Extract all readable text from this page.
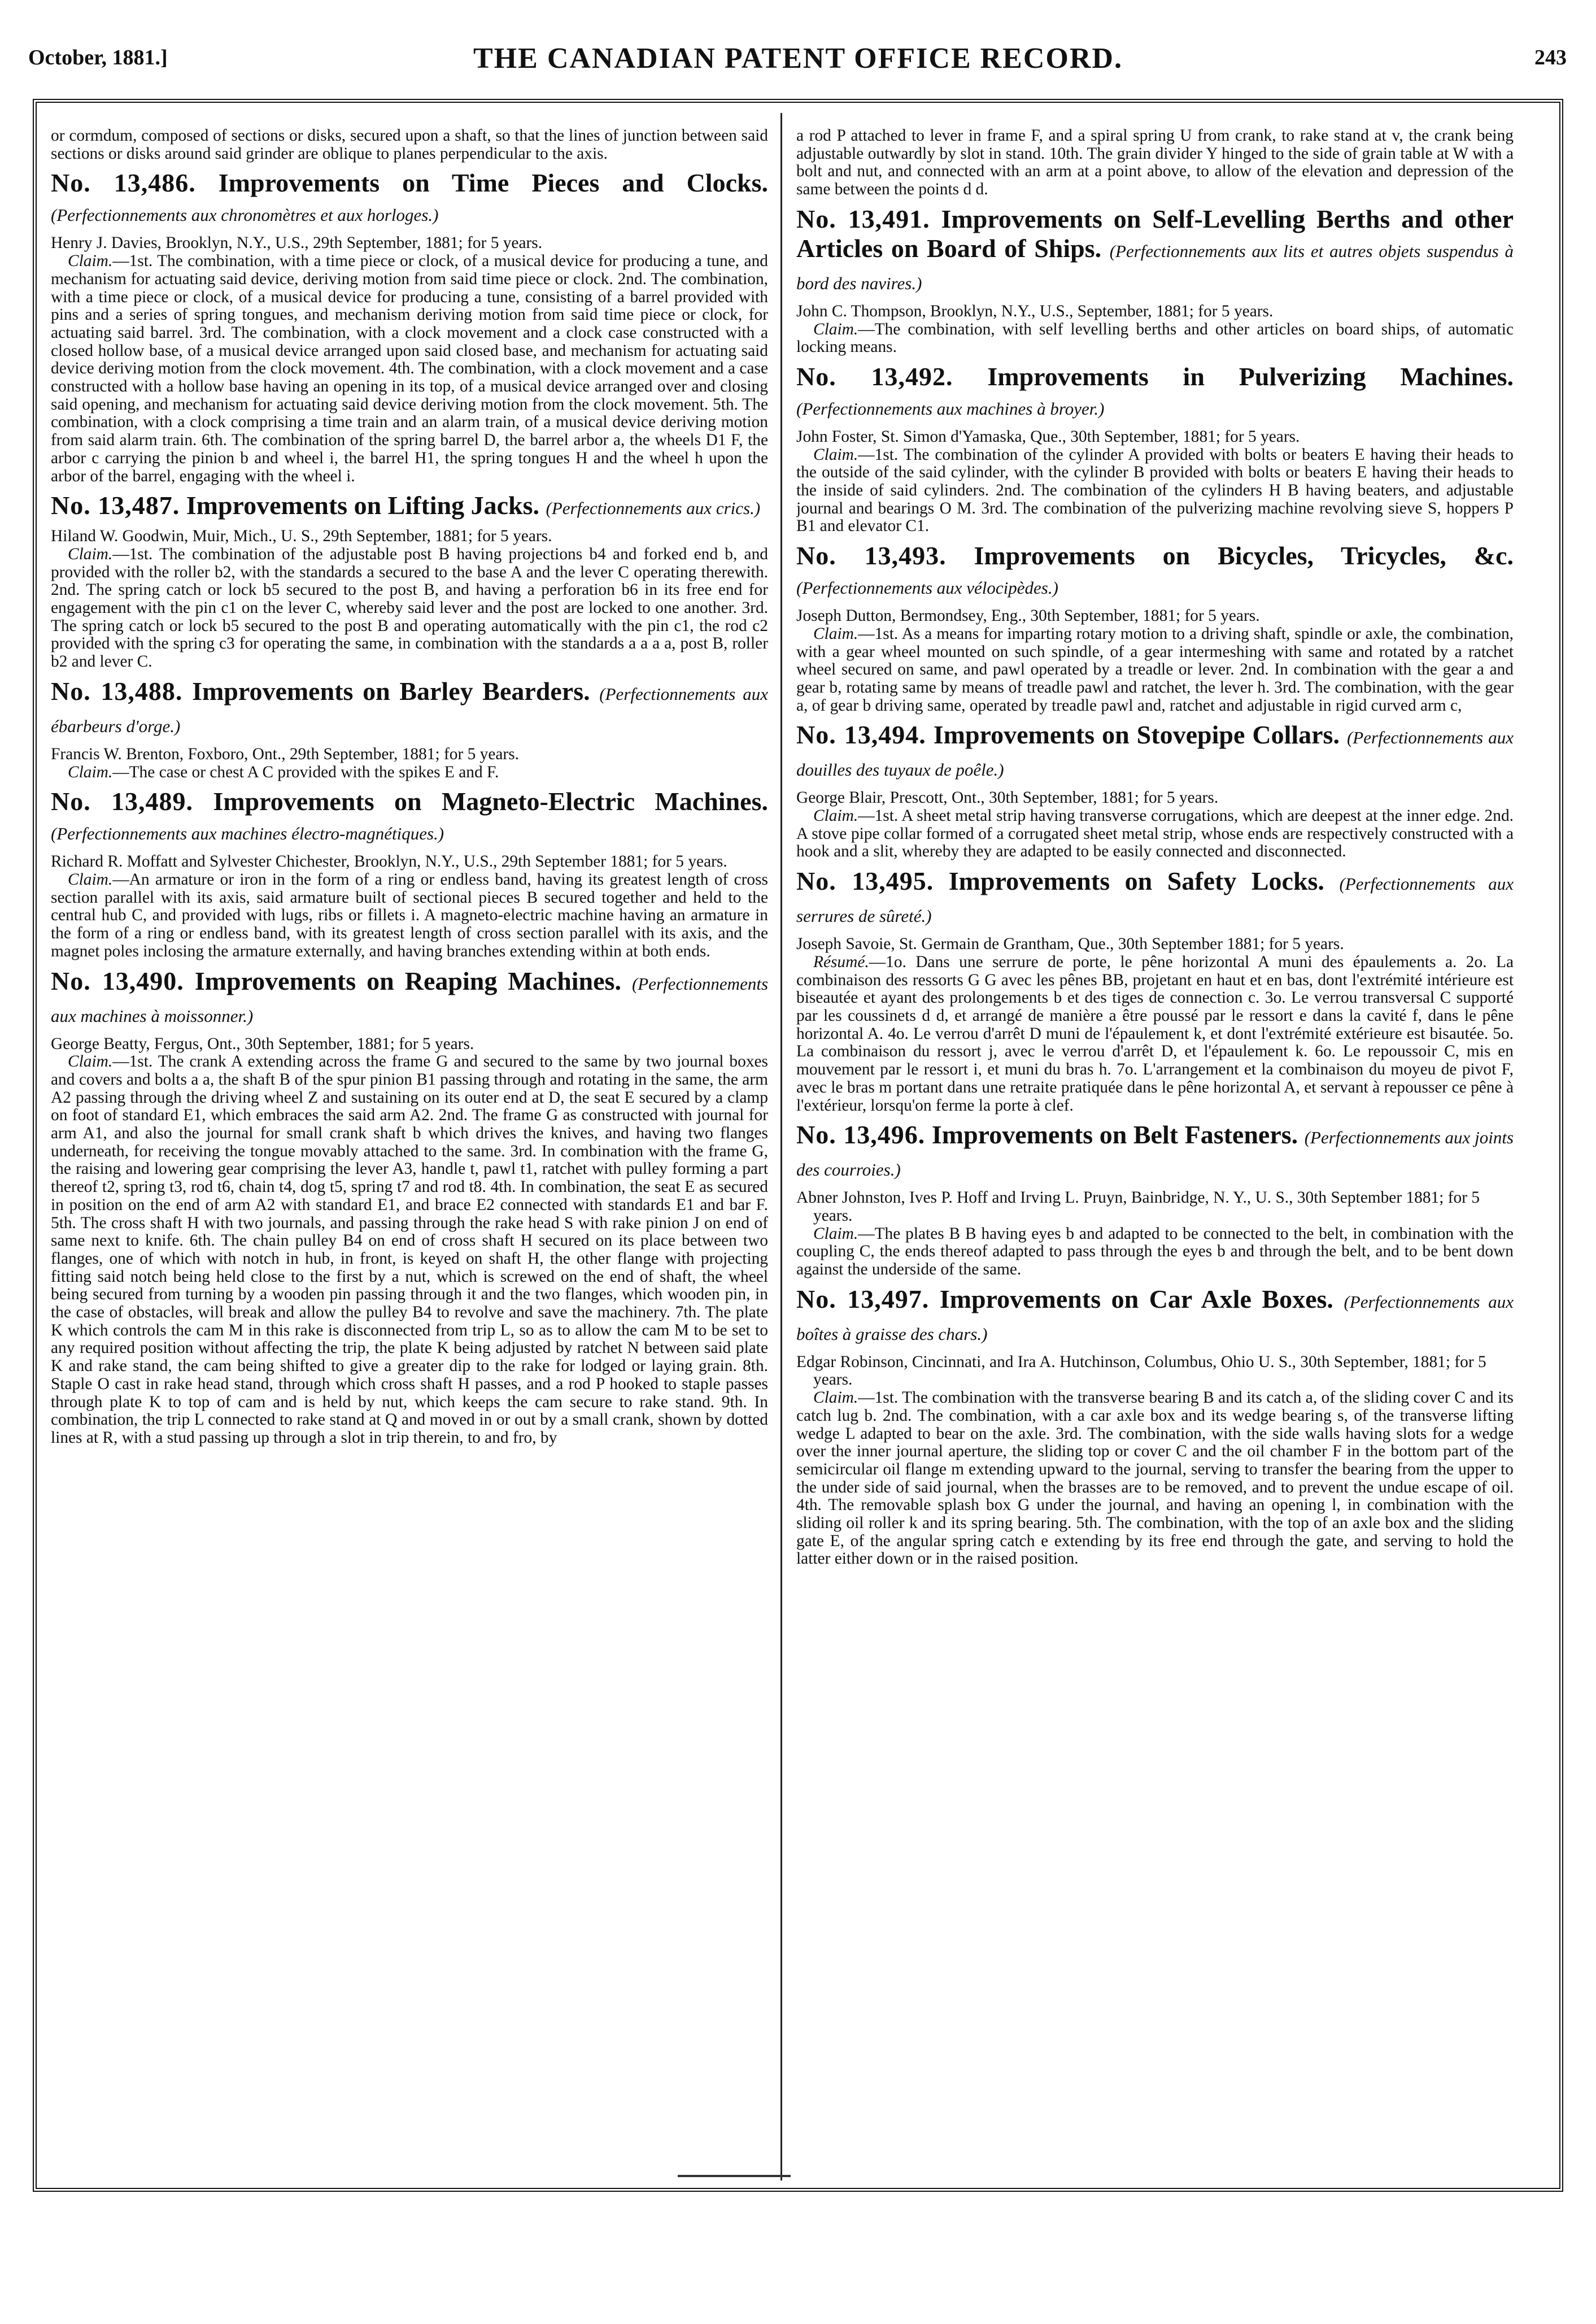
October, 1881.]	THE CANADIAN PATENT OFFICE RECORD.	243

or cormdum, composed of sections or disks, secured upon a shaft, so that the lines of junction between said sections or disks around said grinder are oblique to planes perpendicular to the axis.

No. 13,486. Improvements on Time Pieces and Clocks. (Perfectionnements aux chronomètres et aux horloges.)

Henry J. Davies, Brooklyn, N.Y., U.S., 29th September, 1881; for 5 years.

Claim.—1st. The combination, with a time piece or clock, of a musical device for producing a tune, and mechanism for actuating said device, deriving motion from said time piece or clock. 2nd. The combination, with a time piece or clock, of a musical device for producing a tune, consisting of a barrel provided with pins and a series of spring tongues, and mechanism deriving motion from said time piece or clock, for actuating said barrel. 3rd. The combination, with a clock movement and a clock case constructed with a closed hollow base, of a musical device arranged upon said closed base, and mechanism for actuating said device deriving motion from the clock movement. 4th. The combination, with a clock movement and a case constructed with a hollow base having an opening in its top, of a musical device arranged over and closing said opening, and mechanism for actuating said device deriving motion from the clock movement. 5th. The combination, with a clock comprising a time train and an alarm train, of a musical device deriving motion from said alarm train. 6th. The combination of the spring barrel D, the barrel arbor a, the wheels D1 F, the arbor c carrying the pinion b and wheel i, the barrel H1, the spring tongues H and the wheel h upon the arbor of the barrel, engaging with the wheel i.

No. 13,487. Improvements on Lifting Jacks. (Perfectionnements aux crics.)

Hiland W. Goodwin, Muir, Mich., U. S., 29th September, 1881; for 5 years.

Claim.—1st. The combination of the adjustable post B having projections b4 and forked end b, and provided with the roller b2, with the standards a secured to the base A and the lever C operating therewith. 2nd. The spring catch or lock b5 secured to the post B, and having a perforation b6 in its free end for engagement with the pin c1 on the lever C, whereby said lever and the post are locked to one another. 3rd. The spring catch or lock b5 secured to the post B and operating automatically with the pin c1, the rod c2 provided with the spring c3 for operating the same, in combination with the standards a a a a, post B, roller b2 and lever C.

No. 13,488. Improvements on Barley Bearders. (Perfectionnements aux ébarbeurs d'orge.)

Francis W. Brenton, Foxboro, Ont., 29th September, 1881; for 5 years.

Claim.—The case or chest A C provided with the spikes E and F.

No. 13,489. Improvements on Magneto-Electric Machines. (Perfectionnements aux machines électro-magnétiques.)

Richard R. Moffatt and Sylvester Chichester, Brooklyn, N.Y., U.S., 29th September 1881; for 5 years.

Claim.—An armature or iron in the form of a ring or endless band, having its greatest length of cross section parallel with its axis, said armature built of sectional pieces B secured together and held to the central hub C, and provided with lugs, ribs or fillets i. A magneto-electric machine having an armature in the form of a ring or endless band, with its greatest length of cross section parallel with its axis, and the magnet poles inclosing the armature externally, and having branches extending within at both ends.

No. 13,490. Improvements on Reaping Machines. (Perfectionnements aux machines à moissonner.)

George Beatty, Fergus, Ont., 30th September, 1881; for 5 years.

Claim.—1st. The crank A extending across the frame G and secured to the same by two journal boxes and covers and bolts a a, the shaft B of the spur pinion B1 passing through and rotating in the same, the arm A2 passing through the driving wheel Z and sustaining on its outer end at D, the seat E secured by a clamp on foot of standard E1, which embraces the said arm A2. 2nd. The frame G as constructed with journal for arm A1, and also the journal for small crank shaft b which drives the knives, and having two flanges underneath, for receiving the tongue movably attached to the same. 3rd. In combination with the frame G, the raising and lowering gear comprising the lever A3, handle t, pawl t1, ratchet with pulley forming a part thereof t2, spring t3, rod t6, chain t4, dog t5, spring t7 and rod t8. 4th. In combination, the seat E as secured in position on the end of arm A2 with standard E1, and brace E2 connected with standards E1 and bar F. 5th. The cross shaft H with two journals, and passing through the rake head S with rake pinion J on end of same next to knife. 6th. The chain pulley B4 on end of cross shaft H secured on its place between two flanges, one of which with notch in hub, in front, is keyed on shaft H, the other flange with projecting fitting said notch being held close to the first by a nut, which is screwed on the end of shaft, the wheel being secured from turning by a wooden pin passing through it and the two flanges, which wooden pin, in the case of obstacles, will break and allow the pulley B4 to revolve and save the machinery. 7th. The plate K which controls the cam M in this rake is disconnected from trip L, so as to allow the cam M to be set to any required position without affecting the trip, the plate K being adjusted by ratchet N between said plate K and rake stand, the cam being shifted to give a greater dip to the rake for lodged or laying grain. 8th. Staple O cast in rake head stand, through which cross shaft H passes, and a rod P hooked to staple passes through plate K to top of cam and is held by nut, which keeps the cam secure to rake stand. 9th. In combination, the trip L connected to rake stand at Q and moved in or out by a small crank, shown by dotted lines at R, with a stud passing up through a slot in trip therein, to and fro, by

a rod P attached to lever in frame F, and a spiral spring U from crank, to rake stand at v, the crank being adjustable outwardly by slot in stand. 10th. The grain divider Y hinged to the side of grain table at W with a bolt and nut, and connected with an arm at a point above, to allow of the elevation and depression of the same between the points d d.

No. 13,491. Improvements on Self-Levelling Berths and other Articles on Board of Ships. (Perfectionnements aux lits et autres objets suspendus à bord des navires.)

John C. Thompson, Brooklyn, N.Y., U.S., September, 1881; for 5 years.

Claim.—The combination, with self levelling berths and other articles on board ships, of automatic locking means.

No. 13,492. Improvements in Pulverizing Machines. (Perfectionnements aux machines à broyer.)

John Foster, St. Simon d'Yamaska, Que., 30th September, 1881; for 5 years.

Claim.—1st. The combination of the cylinder A provided with bolts or beaters E having their heads to the outside of the said cylinder, with the cylinder B provided with bolts or beaters E having their heads to the inside of said cylinders. 2nd. The combination of the cylinders H B having beaters, and adjustable journal and bearings O M. 3rd. The combination of the pulverizing machine revolving sieve S, hoppers P B1 and elevator C1.

No. 13,493. Improvements on Bicycles, Tricycles, &c. (Perfectionnements aux vélocipèdes.)

Joseph Dutton, Bermondsey, Eng., 30th September, 1881; for 5 years.

Claim.—1st. As a means for imparting rotary motion to a driving shaft, spindle or axle, the combination, with a gear wheel mounted on such spindle, of a gear intermeshing with same and rotated by a ratchet wheel secured on same, and pawl operated by a treadle or lever. 2nd. In combination with the gear a and gear b, rotating same by means of treadle pawl and ratchet, the lever h. 3rd. The combination, with the gear a, of gear b driving same, operated by treadle pawl and, ratchet and adjustable in rigid curved arm c,

No. 13,494. Improvements on Stovepipe Collars. (Perfectionnements aux douilles des tuyaux de poêle.)

George Blair, Prescott, Ont., 30th September, 1881; for 5 years.

Claim.—1st. A sheet metal strip having transverse corrugations, which are deepest at the inner edge. 2nd. A stove pipe collar formed of a corrugated sheet metal strip, whose ends are respectively constructed with a hook and a slit, whereby they are adapted to be easily connected and disconnected.

No. 13,495. Improvements on Safety Locks. (Perfectionnements aux serrures de sûreté.)

Joseph Savoie, St. Germain de Grantham, Que., 30th September 1881; for 5 years.

Résumé.—1o. Dans une serrure de porte, le pêne horizontal A muni des épaulements a. 2o. La combinaison des ressorts G G avec les pênes BB, projetant en haut et en bas, dont l'extrémité intérieure est biseautée et ayant des prolongements b et des tiges de connection c. 3o. Le verrou transversal C supporté par les coussinets d d, et arrangé de manière a être poussé par le ressort e dans la cavité f, dans le pêne horizontal A. 4o. Le verrou d'arrêt D muni de l'épaulement k, et dont l'extrémité extérieure est bisautée. 5o. La combinaison du ressort j, avec le verrou d'arrêt D, et l'épaulement k. 6o. Le repoussoir C, mis en mouvement par le ressort i, et muni du bras h. 7o. L'arrangement et la combinaison du moyeu de pivot F, avec le bras m portant dans une retraite pratiquée dans le pêne horizontal A, et servant à repousser ce pêne à l'extérieur, lorsqu'on ferme la porte à clef.

No. 13,496. Improvements on Belt Fasteners. (Perfectionnements aux joints des courroies.)

Abner Johnston, Ives P. Hoff and Irving L. Pruyn, Bainbridge, N. Y., U. S., 30th September 1881; for 5 years.

Claim.—The plates B B having eyes b and adapted to be connected to the belt, in combination with the coupling C, the ends thereof adapted to pass through the eyes b and through the belt, and to be bent down against the underside of the same.

No. 13,497. Improvements on Car Axle Boxes. (Perfectionnements aux boîtes à graisse des chars.)

Edgar Robinson, Cincinnati, and Ira A. Hutchinson, Columbus, Ohio U. S., 30th September, 1881; for 5 years.

Claim.—1st. The combination with the transverse bearing B and its catch a, of the sliding cover C and its catch lug b. 2nd. The combination, with a car axle box and its wedge bearing s, of the transverse lifting wedge L adapted to bear on the axle. 3rd. The combination, with the side walls having slots for a wedge over the inner journal aperture, the sliding top or cover C and the oil chamber F in the bottom part of the semicircular oil flange m extending upward to the journal, serving to transfer the bearing from the upper to the under side of said journal, when the brasses are to be removed, and to prevent the undue escape of oil. 4th. The removable splash box G under the journal, and having an opening l, in combination with the sliding oil roller k and its spring bearing. 5th. The combination, with the top of an axle box and the sliding gate E, of the angular spring catch e extending by its free end through the gate, and serving to hold the latter either down or in the raised position.
